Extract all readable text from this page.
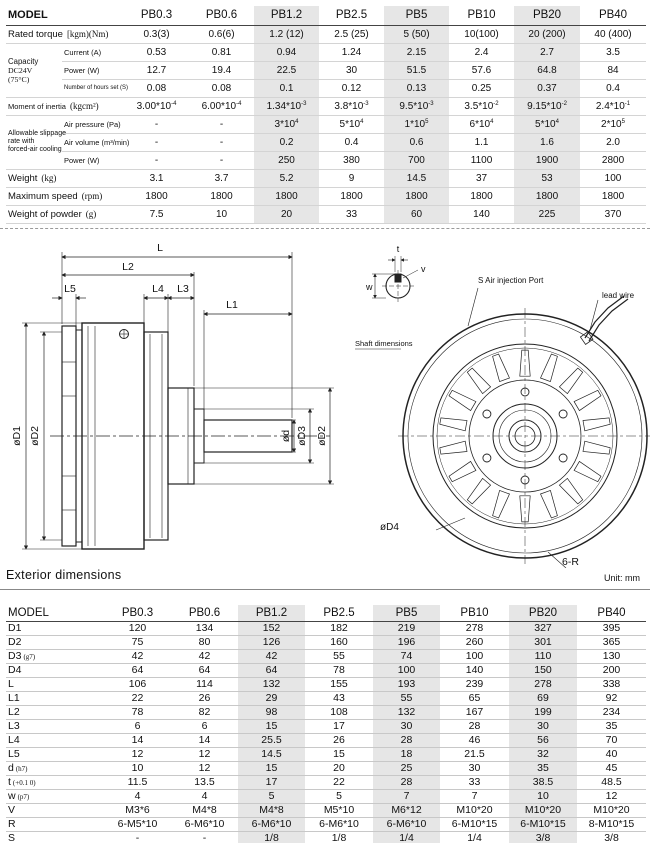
MODEL		PB0.3	PB0.6	PB1.2	PB2.5	PB5	PB10	PB20	PB40
Rated torque [kgm)(Nm)		0.3(3)	0.6(6)	1.2 (12)	2.5 (25)	5 (50)	10(100)	20 (200)	40 (400)

Capacity
DC24V
(75°C)	Current (A)	0.53	0.81	0.94	1.24	2.15	2.4	2.7	3.5
	Power (W)	12.7	19.4	22.5	30	51.5	57.6	64.8	84
	Number of hours set (S)	0.08	0.08	0.1	0.12	0.13	0.25	0.37	0.4
Moment of inertia (kgcm²)		$3.00*10^{-4}$	$6.00*10^{-4}$	$1.34*10^{-3}$	$3.8*10^{-3}$	$9.5*10^{-3}$	$3.5*10^{-2}$	$9.15*10^{-2}$	$2.4*10^{-1}$

Allowable slippage
rate with
forced-air cooling	Air pressure (Pa)	-	-	$3*10^4$	$5*10^4$	$1*10^5$	$6*10^4$	$5*10^4$	$2*10^5$
	Air volume (m³/min)	-	-	0.2	0.4	0.6	1.1	1.6	2.0
	Power (W)	-	-	250	380	700	1100	1900	2800
Weight (kg)		3.1	3.7	5.2	9	14.5	37	53	100
Maximum speed (rpm)		1800	1800	1800	1800	1800	1800	1800	1800
Weight of powder (g)		7.5	10	20	33	60	140	225	370
L
L2
L5	L4 L3
L1
øD1 øD2	ød øD3 øD2
t
v
w
Shaft dimensions
S Air injection Port
lead wire
øD4
6-R
Exterior dimensions	Unit: mm
MODEL	PB0.3	PB0.6	PB1.2	PB2.5	PB5	PB10	PB20	PB40
D1	120	134	152	182	219	278	327	395
D2	75	80	126	160	196	260	301	365
D3 (g7)	42	42	42	55	74	100	110	130
D4	64	64	64	78	100	140	150	200
L	106	114	132	155	193	239	278	338
L1	22	26	29	43	55	65	69	92
L2	78	82	98	108	132	167	199	234
L3	6	6	15	17	30	28	30	35
L4	14	14	25.5	26	28	46	56	70
L5	12	12	14.5	15	18	21.5	32	40
d (h7)	10	12	15	20	25	30	35	45
t (+0.1 0)	11.5	13.5	17	22	28	33	38.5	48.5
w (p7)	4	4	5	5	7	7	10	12
V	M3*6	M4*8	M4*8	M5*10	M6*12	M10*20	M10*20	M10*20
R	6-M5*10	6-M6*10	6-M6*10	6-M6*10	6-M6*10	6-M10*15	6-M10*15	8-M10*15
S	-	-	1/8	1/8	1/4	1/4	3/8	3/8
